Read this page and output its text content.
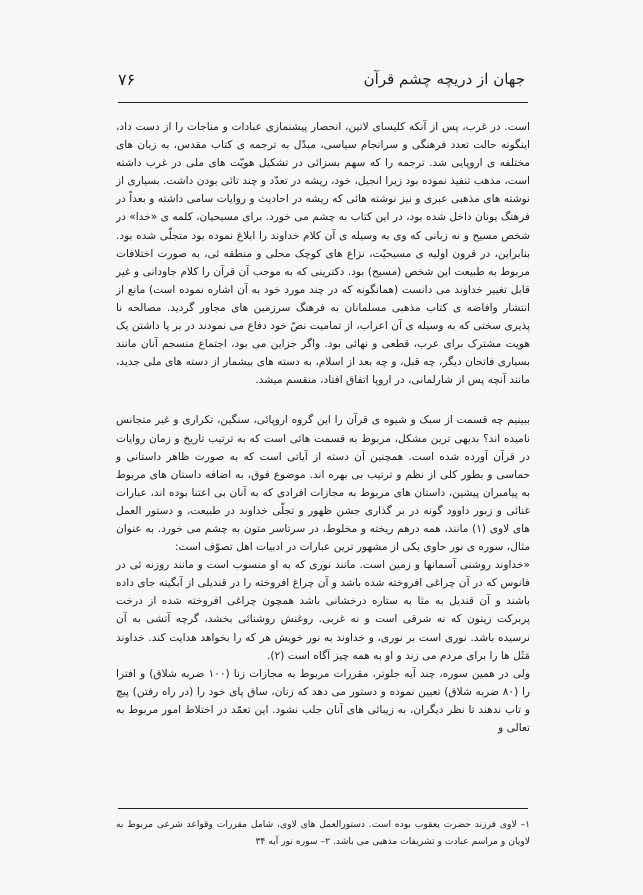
۷۶	جهان از دریچه چشم قرآن

است. در غرب، پس از آنکه کلیسای لاتین، انحصار پیشنمازی عبادات و مناجات را از دست داد، اینگونه حالت تعدد فرهنگی و سرانجام سیاسی، مبدّل به ترجمه ی کتاب مقدس، به زبان های مختلفه ی اروپایی شد. ترجمه را که سهم بسزائی در تشکیل هویّت های ملی در غرب داشته است، مذهب تنفیذ نموده بود زیرا انجیل، خود، ریشه در تعدّد و چند تائی بودن داشت. بسیاری از نوشته های مذهبی عبری و نیز نوشته هائی که ریشه در احادیث و روایات سامی داشته و بعداً در فرهنگ یونان داخل شده بود، در این کتاب به چشم می خورد. برای مسیحیان، کلمه ی «خدا» در شخص مسیح و نه زبانی که وی به وسیله ی آن کلام خداوند را ابلاغ نموده بود متجلّی شده بود. بنابراین، در قرون اولیه ی مسیحیّت، نزاع های کوچک محلی و منطقه ئی، به صورت اختلافات مربوط به طبیعت این شخص (مسیح) بود. دکترینی که به موجب آن قرآن را کلام جاودانی و غیر قابل تغییر خداوند می دانست (همانگونه که در چند مورد خود به آن اشاره نموده است) مانع از انتشار وافاضه ی کتاب مذهبی مسلمانان به فرهنگ سرزمین های مجاور گردید. مصالحه نا پذیری سختی که به وسیله ی آن اعراب، از تمامیت نصّ خود دفاع می نمودند در بر پا داشتن یک هویت مشترک برای عرب، قطعی و نهائی بود. واگر جزاین می بود، اجتماع منسجم آنان مانند بسیاری فاتحان دیگر، چه قبل، و چه بعد از اسلام، به دسته های بیشمار از دسته های ملی جدید، مانند آنچه پس از شارلمانی، در اروپا اتفاق افتاد، منقسم میشد.

ببینیم چه قسمت از سبک و شیوه ی قرآن را این گروه اروپائی، سنگین، تکراری و غیر متجانس نامیده اند؟ بدیهی ترین مشکل، مربوط به قسمت هائی است که به ترتیب تاریخ و زمان روایات در قرآن آورده شده است. همچنین آن دسته از آیاتی است که به صورت ظاهر داستانی و حماسی و بطور کلی از نظم و ترتیب بی بهره اند. موضوع فوق، به اضافه داستان های مربوط به پیامبران پیشین، داستان های مربوط به مجازات افرادی که به آنان بی اعتنا بوده اند، عبارات غنائی و زبور داوود گونه در بر گذاری جشن ظهور و تجلّی خداوند در طبیعت، و دستور العمل های لاوی (۱) مانند، همه درهم ریخته و مخلوط، در سرتاسر متون به چشم می خورد. به عنوان مثال، سوره ی نور حاوی یکی از مشهور ترین عبارات در ادبیات اهل تصوّف است:

«خداوند روشنی آسمانها و زمین است. مانند نوری که به او منسوب است و مانند روزنه ئی در فانوس که در آن چراغی افروخته شده باشد و آن چراغ افروخته را در قندیلی از آبگینه جای داده باشند و آن قندیل به مثا به ستاره درخشانی باشد همچون چراغی افروخته شده از درخت پربرکت زیتون که نه شرقی است و نه غربی. روغنش روشنائی بخشد، گرچه آتشی به آن نرسیده باشد. نوری است بر نوری، و خداوند به نور خویش هر که را بخواهد هدایت کند. خداوند مَثَل ها را برای مردم می زند و او به همه چیز آگاه است (۲).

ولی در همین سوره، چند آیه جلوتر، مقررات مربوط به مجازات زنا (۱۰۰ ضربه شلاق) و افترا را (۸۰ ضربه شلاق) تعیین نموده و دستور می دهد که زنان، ساق پای خود را (در راه رفتن) پیچ و تاب ندهند تا نظر دیگران، به زیبائی های آنان جلب نشود. این تعمّد در اختلاط امور مربوط به تعالی و

۱– لاوی فرزند حضرت یعقوب بوده است. دستورالعمل های لاوی، شامل مقررات وقواعد شرعی مربوط به لاویان و مراسم عبادت و تشریفات مذهبی می باشد. ۲– سوره نور آیه ۳۴
